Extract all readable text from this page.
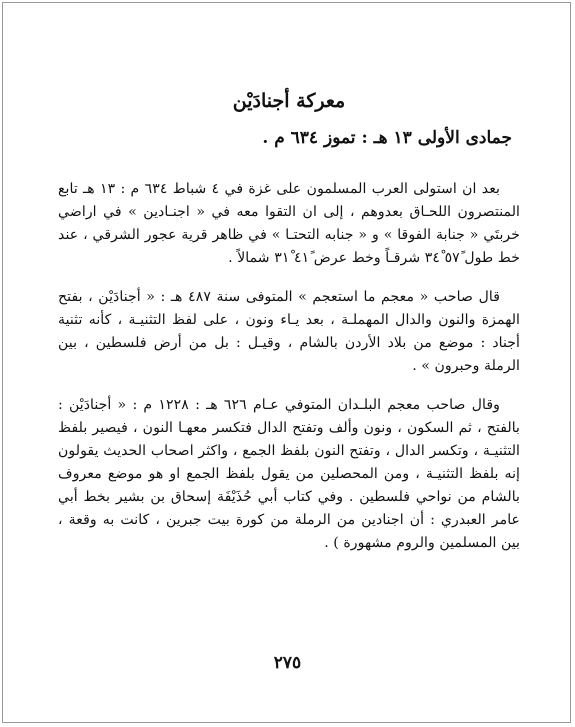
معركة أجنادَيْن
جمادى الأولى ١٣ هـ : تموز ٦٣٤ م .

بعد ان استولى العرب المسلمون على غزة في ٤ شباط ٦٣٤ م : ١٣ هـ تابع المنتصرون اللحـاق بعدوهم ، إلى ان التقوا معه في « اجنـادين » في اراضي خربتَي « جنابة الفوقا » و « جنابه التحتـا » في ظاهر قرية عجور الشرقي ، عند خط طول ٥٧ً ٣٤ْ شرقـاً وخط عرض ٤١ً ٣١ْ شمالاً .

قال صاحب « معجم ما استعجم » المتوفى سنة ٤٨٧ هـ : « أجنادَيْن ، بفتح الهمزة والنون والدال المهملـة ، بعد يـاء ونون ، على لفظ التثنيـة ، كأنه تثنية أجناد : موضع من بلاد الأردن بالشام ، وقيـل : بل من أرض فلسطين ، بين الرملة وحبرون » .

وقال صاحب معجم البلـدان المتوفي عـام ٦٢٦ هـ : ١٢٢٨ م : « أجنادَيْن : بالفتح ، ثم السكون ، ونون وألف وتفتح الدال فتكسر معهـا النون ، فيصير بلفظ التثنيـة ، وتكسر الدال ، وتفتح النون بلفظ الجمع ، واكثر اصحاب الحديث يقولون إنه بلفظ التثنيـة ، ومن المحصلين من يقول بلفظ الجمع او هو موضع معروف بالشام من نواحي فلسطين . وفي كتاب أبي حُذَيْفَة إسحاق بن بشير بخط أبي عامر العبدري : أن اجنادين من الرملة من كورة بيت جبرين ، كانت به وقعة ، بين المسلمين والروم مشهورة ) .

٢٧٥
